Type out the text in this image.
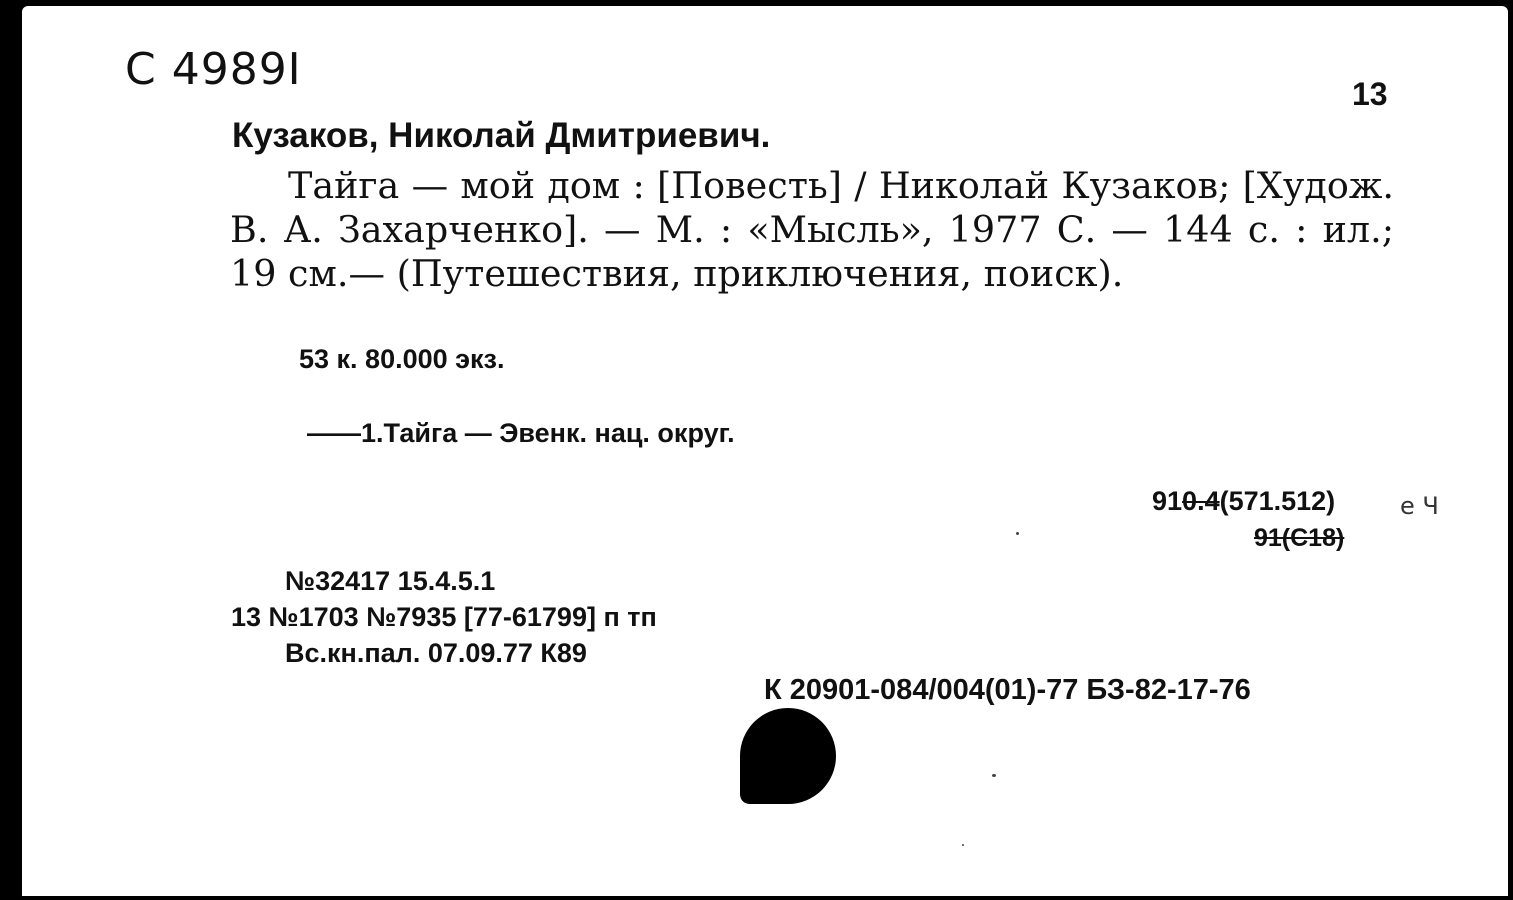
С 4989I	13
Кузаков, Николай Дмитриевич.
Тайга — мой дом : [Повесть] / Николай Кузаков; [Худож. В. А. Захарченко]. — М. : «Мысль», 1977 С. — 144 с. : ил.; 19 см.— (Путешествия, приключения, поиск).
53 к. 80.000 экз.
——1.Тайга — Эвенк. нац. округ.
910.4(571.512)	е Ч
91(С18)
№32417 15.4.5.1
13 №1703 №7935 [77-61799] п тп
Вс.кн.пал. 07.09.77 К89
К 20901-084/004(01)-77 БЗ-82-17-76
